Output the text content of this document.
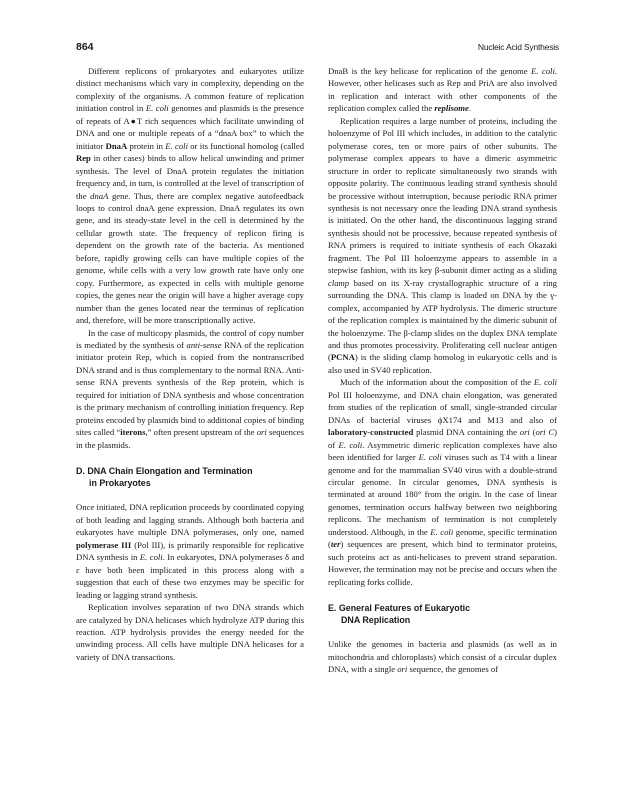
864	Nucleic Acid Synthesis

Different replicons of prokaryotes and eukaryotes utilize distinct mechanisms which vary in complexity, depending on the complexity of the organisms. A common feature of replication initiation control in E. coli genomes and plasmids is the presence of repeats of A●T rich sequences which facilitate unwinding of DNA and one or multiple repeats of a “dnaA box” to which the initiator DnaA protein in E. coli or its functional homolog (called Rep in other cases) binds to allow helical unwinding and primer synthesis. The level of DnaA protein regulates the initiation frequency and, in turn, is controlled at the level of transcription of the dnaA gene. Thus, there are complex negative autofeedback loops to control dnaA gene expression. DnaA regulates its own gene, and its steady-state level in the cell is determined by the cellular growth state. The frequency of replicon firing is dependent on the growth rate of the bacteria. As mentioned before, rapidly growing cells can have multiple copies of the genome, while cells with a very low growth rate have only one copy. Furthermore, as expected in cells with multiple genome copies, the genes near the origin will have a higher average copy number than the genes located near the terminus of replication and, therefore, will be more transcriptionally active.

In the case of multicopy plasmids, the control of copy number is mediated by the synthesis of anti-sense RNA of the replication initiator protein Rep, which is copied from the nontranscribed DNA strand and is thus complementary to the normal RNA. Anti-sense RNA prevents synthesis of the Rep protein, which is required for initiation of DNA synthesis and whose concentration is the primary mechanism of controlling initiation frequency. Rep proteins encoded by plasmids bind to additional copies of binding sites called “iterons,” often present upstream of the ori sequences in the plasmids.

D. DNA Chain Elongation and Termination
in Prokaryotes

Once initiated, DNA replication proceeds by coordinated copying of both leading and lagging strands. Although both bacteria and eukaryotes have multiple DNA polymerases, only one, named polymerase III (Pol III), is primarily responsible for replicative DNA synthesis in E. coli. In eukaryotes, DNA polymerases δ and ε have both been implicated in this process along with a suggestion that each of these two enzymes may be specific for leading or lagging strand synthesis.

Replication involves separation of two DNA strands which are catalyzed by DNA helicases which hydrolyze ATP during this reaction. ATP hydrolysis provides the energy needed for the unwinding process. All cells have multiple DNA helicases for a variety of DNA transactions.

DnaB is the key helicase for replication of the genome E. coli. However, other helicases such as Rep and PriA are also involved in replication and interact with other components of the replication complex called the replisome.

Replication requires a large number of proteins, including the holoenzyme of Pol III which includes, in addition to the catalytic polymerase cores, ten or more pairs of other subunits. The polymerase complex appears to have a dimeric asymmetric structure in order to replicate simultaneously two strands with opposite polarity. The continuous leading strand synthesis should be processive without interruption, because periodic RNA primer synthesis is not necessary once the leading DNA strand synthesis is initiated. On the other hand, the discontinuous lagging strand synthesis should not be processive, because repeated synthesis of RNA primers is required to initiate synthesis of each Okazaki fragment. The Pol III holoenzyme appears to assemble in a stepwise fashion, with its key β-subunit dimer acting as a sliding clamp based on its X-ray crystallographic structure of a ring surrounding the DNA. This clamp is loaded on DNA by the γ-complex, accompanied by ATP hydrolysis. The dimeric structure of the replication complex is maintained by the dimeric subunit of the holoenzyme. The β-clamp slides on the duplex DNA template and thus promotes processivity. Proliferating cell nuclear antigen (PCNA) is the sliding clamp homolog in eukaryotic cells and is also used in SV40 replication.

Much of the information about the composition of the E. coli Pol III holoenzyme, and DNA chain elongation, was generated from studies of the replication of small, single-stranded circular DNAs of bacterial viruses ϕX174 and M13 and also of laboratory-constructed plasmid DNA containing the ori (ori C) of E. coli. Asymmetric dimeric replication complexes have also been identified for larger E. coli viruses such as T4 with a linear genome and for the mammalian SV40 virus with a double-strand circular genome. In circular genomes, DNA synthesis is terminated at around 180° from the origin. In the case of linear genomes, termination occurs halfway between two neighboring replicons. The mechanism of termination is not completely understood. Although, in the E. coli genome, specific termination (ter) sequences are present, which bind to terminator proteins, such proteins act as anti-helicases to prevent strand separation. However, the termination may not be precise and occurs when the replicating forks collide.

E. General Features of Eukaryotic
DNA Replication

Unlike the genomes in bacteria and plasmids (as well as in mitochondria and chloroplasts) which consist of a circular duplex DNA, with a single ori sequence, the genomes of
